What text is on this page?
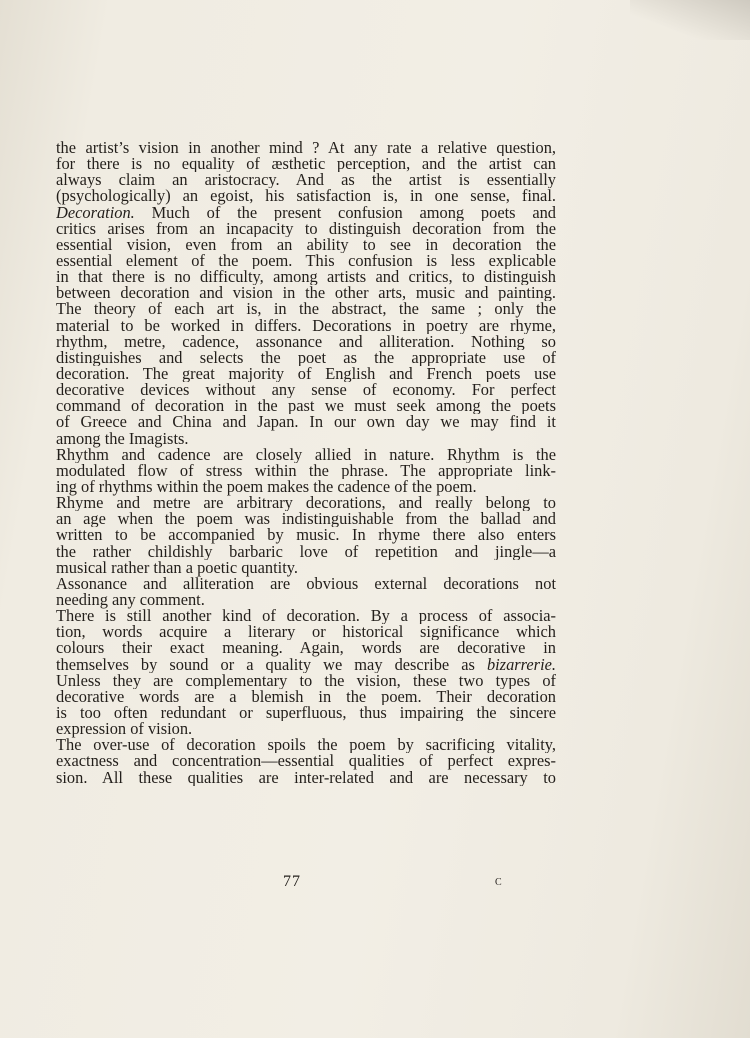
the artist’s vision in another mind ? At any rate a relative question,
for there is no equality of æsthetic perception, and the artist can
always claim an aristocracy. And as the artist is essentially
(psychologically) an egoist, his satisfaction is, in one sense, final.
Decoration. Much of the present confusion among poets and
critics arises from an incapacity to distinguish decoration from the
essential vision, even from an ability to see in decoration the
essential element of the poem. This confusion is less explicable
in that there is no difficulty, among artists and critics, to distinguish
between decoration and vision in the other arts, music and painting.
The theory of each art is, in the abstract, the same ; only the
material to be worked in differs. Decorations in poetry are rhyme,
rhythm, metre, cadence, assonance and alliteration. Nothing so
distinguishes and selects the poet as the appropriate use of
decoration. The great majority of English and French poets use
decorative devices without any sense of economy. For perfect
command of decoration in the past we must seek among the poets
of Greece and China and Japan. In our own day we may find it
among the Imagists.
Rhythm and cadence are closely allied in nature. Rhythm is the
modulated flow of stress within the phrase. The appropriate link-
ing of rhythms within the poem makes the cadence of the poem.
Rhyme and metre are arbitrary decorations, and really belong to
an age when the poem was indistinguishable from the ballad and
written to be accompanied by music. In rhyme there also enters
the rather childishly barbaric love of repetition and jingle—a
musical rather than a poetic quantity.
Assonance and alliteration are obvious external decorations not
needing any comment.
There is still another kind of decoration. By a process of associa-
tion, words acquire a literary or historical significance which
colours their exact meaning. Again, words are decorative in
themselves by sound or a quality we may describe as bizarrerie.
Unless they are complementary to the vision, these two types of
decorative words are a blemish in the poem. Their decoration
is too often redundant or superfluous, thus impairing the sincere
expression of vision.
The over-use of decoration spoils the poem by sacrificing vitality,
exactness and concentration—essential qualities of perfect expres-
sion. All these qualities are inter-related and are necessary to
77	c
